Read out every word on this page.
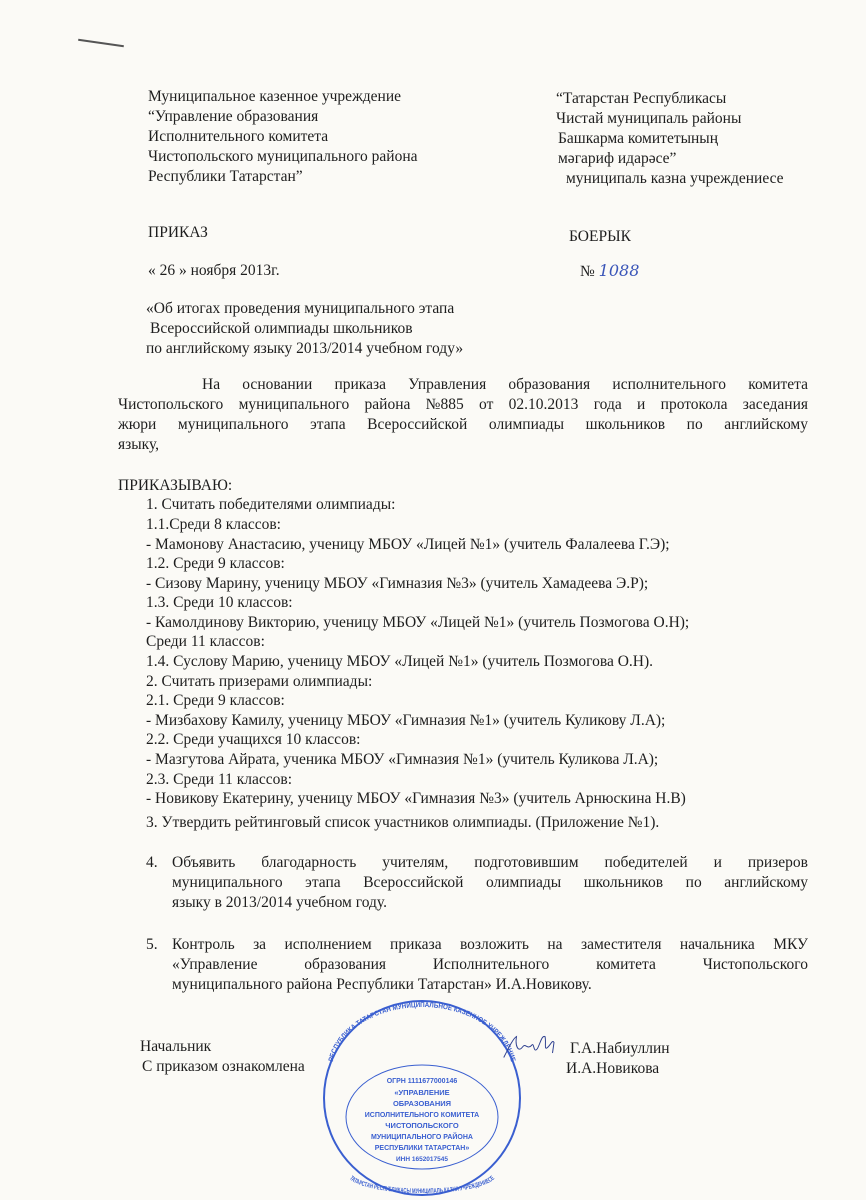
Муниципальное казенное учреждение
“Управление образования
Исполнительного комитета
Чистопольского муниципального района
Республики Татарстан”
“Татарстан Республикасы
Чистай муниципаль районы
Башкарма комитетының
мәгариф идарәсе”
муниципаль казна учреждениесе
ПРИКАЗ	БОЕРЫК
« 26 » ноября 2013г.	№ 1088
«Об итогах проведения муниципального этапа
Всероссийской олимпиады школьников
по английскому языку 2013/2014 учебном году»
На основании приказа Управления образования исполнительного комитета
Чистопольского муниципального района №885 от 02.10.2013 года и протокола заседания
жюри муниципального этапа Всероссийской олимпиады школьников по английскому
языку,
ПРИКАЗЫВАЮ:
1. Считать победителями олимпиады:
1.1.Среди 8 классов:
- Мамонову Анастасию, ученицу МБОУ «Лицей №1» (учитель Фалалеева Г.Э);
1.2. Среди 9 классов:
- Сизову Марину, ученицу МБОУ «Гимназия №3» (учитель Хамадеева Э.Р);
1.3. Среди 10 классов:
- Камолдинову Викторию, ученицу МБОУ «Лицей №1» (учитель Позмогова О.Н);
Среди 11 классов:
1.4. Суслову Марию, ученицу МБОУ «Лицей №1» (учитель Позмогова О.Н).
2. Считать призерами олимпиады:
2.1. Среди 9 классов:
- Мизбахову Камилу, ученицу МБОУ «Гимназия №1» (учитель Куликову Л.А);
2.2. Среди учащихся 10 классов:
- Мазгутова Айрата, ученика МБОУ «Гимназия №1» (учитель Куликова Л.А);
2.3. Среди 11 классов:
- Новикову Екатерину, ученицу МБОУ «Гимназия №3» (учитель Арнюскина Н.В)
3. Утвердить рейтинговый список участников олимпиады. (Приложение №1).
4. Объявить благодарность учителям, подготовившим победителей и призеров
муниципального этапа Всероссийской олимпиады школьников по английскому
языку в 2013/2014 учебном году.
5. Контроль за исполнением приказа возложить на заместителя начальника МКУ
«Управление образования Исполнительного комитета Чистопольского
муниципального района Республики Татарстан» И.А.Новикову.
Начальник
С приказом ознакомлена
Г.А.Набиуллин
И.А.Новикова
РЕСПУБЛИКА ТАТАРСТАН МУНИЦИПАЛЬНОЕ КАЗЕННОЕ УЧРЕЖДЕНИЕ
ТАТАРСТАН РЕСПУБЛИКАСЫ МУНИЦИПАЛЬ КАЗНА УЧРЕЖДЕНИЕСЕ
ОГРН 1111677000146
«УПРАВЛЕНИЕ
ОБРАЗОВАНИЯ
ИСПОЛНИТЕЛЬНОГО КОМИТЕТА
ЧИСТОПОЛЬСКОГО
МУНИЦИПАЛЬНОГО РАЙОНА
РЕСПУБЛИКИ ТАТАРСТАН»
ИНН 1652017545
